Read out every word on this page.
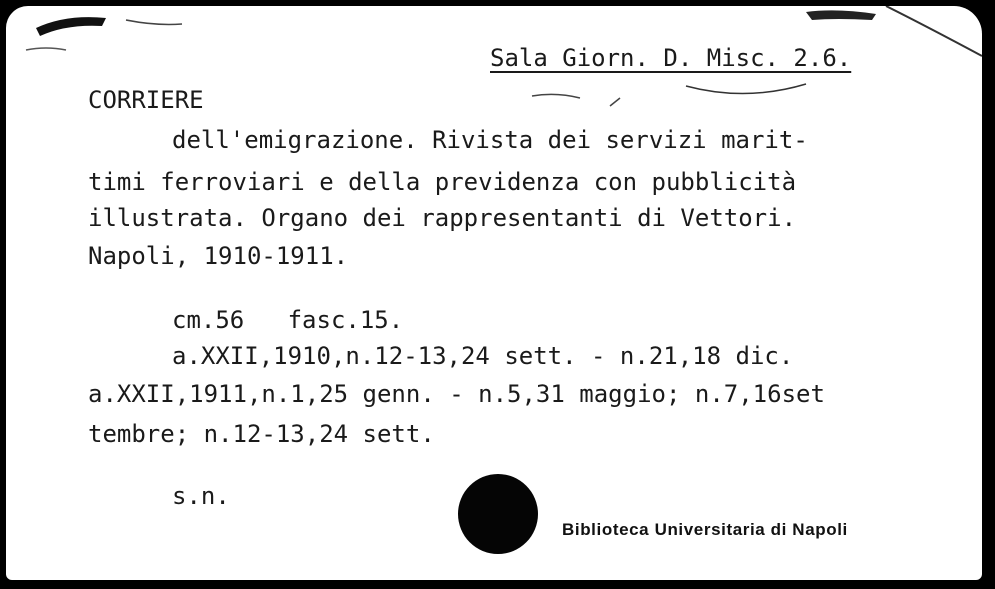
Sala Giorn. D. Misc. 2.6.
CORRIERE
dell'emigrazione. Rivista dei servizi marit-
timi ferroviari e della previdenza con pubblicità
illustrata. Organo dei rappresentanti di Vettori.
Napoli, 1910-1911.
cm.56   fasc.15.
a.XXII,1910,n.12-13,24 sett. - n.21,18 dic.
a.XXII,1911,n.1,25 genn. - n.5,31 maggio; n.7,16set
tembre; n.12-13,24 sett.
s.n.
Biblioteca Universitaria di Napoli
